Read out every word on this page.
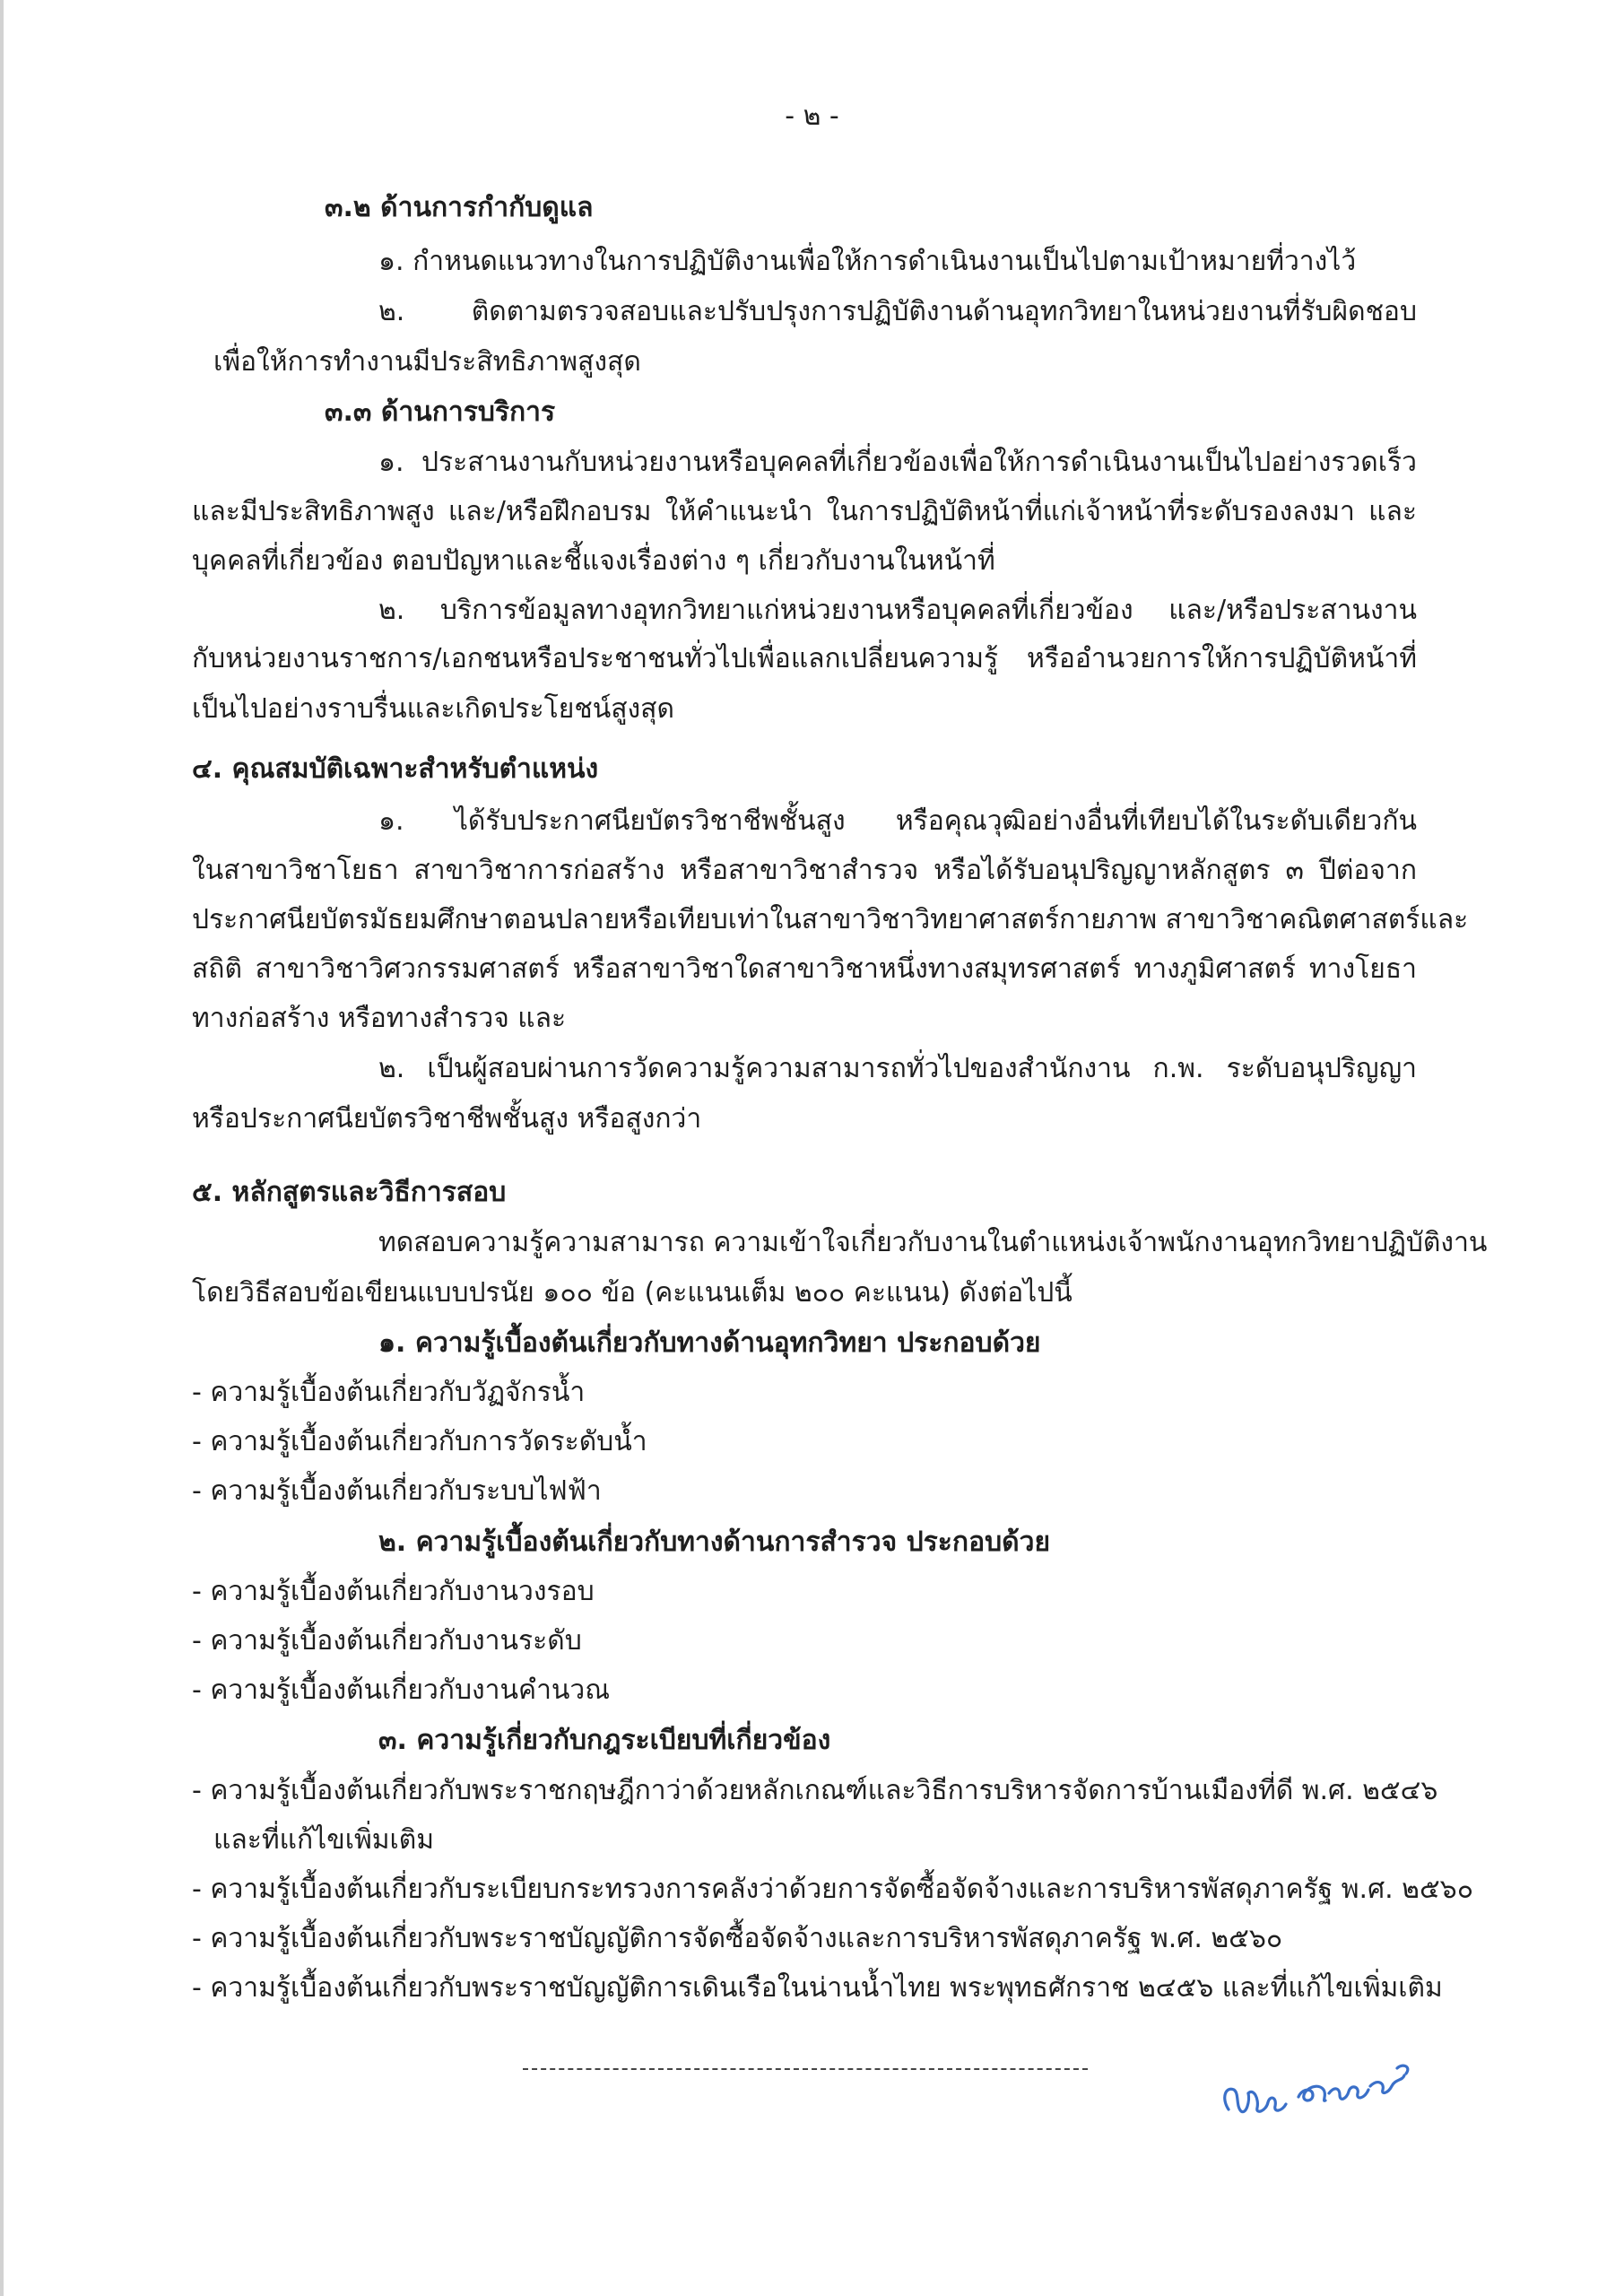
- ๒ -
๓.๒ ด้านการกำกับดูแล
๑. กำหนดแนวทางในการปฏิบัติงานเพื่อให้การดำเนินงานเป็นไปตามเป้าหมายที่วางไว้
๒. ติดตามตรวจสอบและปรับปรุงการปฏิบัติงานด้านอุทกวิทยาในหน่วยงานที่รับผิดชอบ
เพื่อให้การทำงานมีประสิทธิภาพสูงสุด
๓.๓ ด้านการบริการ
๑. ประสานงานกับหน่วยงานหรือบุคคลที่เกี่ยวข้องเพื่อให้การดำเนินงานเป็นไปอย่างรวดเร็ว
และมีประสิทธิภาพสูง และ/หรือฝึกอบรม ให้คำแนะนำ ในการปฏิบัติหน้าที่แก่เจ้าหน้าที่ระดับรองลงมา และ
บุคคลที่เกี่ยวข้อง ตอบปัญหาและชี้แจงเรื่องต่าง ๆ เกี่ยวกับงานในหน้าที่
๒. บริการข้อมูลทางอุทกวิทยาแก่หน่วยงานหรือบุคคลที่เกี่ยวข้อง และ/หรือประสานงาน
กับหน่วยงานราชการ/เอกชนหรือประชาชนทั่วไปเพื่อแลกเปลี่ยนความรู้ หรืออำนวยการให้การปฏิบัติหน้าที่
เป็นไปอย่างราบรื่นและเกิดประโยชน์สูงสุด
๔. คุณสมบัติเฉพาะสำหรับตำแหน่ง
๑. ได้รับประกาศนียบัตรวิชาชีพชั้นสูง หรือคุณวุฒิอย่างอื่นที่เทียบได้ในระดับเดียวกัน
ในสาขาวิชาโยธา สาขาวิชาการก่อสร้าง หรือสาขาวิชาสำรวจ หรือได้รับอนุปริญญาหลักสูตร ๓ ปีต่อจาก
ประกาศนียบัตรมัธยมศึกษาตอนปลายหรือเทียบเท่าในสาขาวิชาวิทยาศาสตร์กายภาพ สาขาวิชาคณิตศาสตร์และ
สถิติ สาขาวิชาวิศวกรรมศาสตร์ หรือสาขาวิชาใดสาขาวิชาหนึ่งทางสมุทรศาสตร์ ทางภูมิศาสตร์ ทางโยธา
ทางก่อสร้าง หรือทางสำรวจ และ
๒. เป็นผู้สอบผ่านการวัดความรู้ความสามารถทั่วไปของสำนักงาน ก.พ. ระดับอนุปริญญา
หรือประกาศนียบัตรวิชาชีพชั้นสูง หรือสูงกว่า
๕. หลักสูตรและวิธีการสอบ
ทดสอบความรู้ความสามารถ ความเข้าใจเกี่ยวกับงานในตำแหน่งเจ้าพนักงานอุทกวิทยาปฏิบัติงาน
โดยวิธีสอบข้อเขียนแบบปรนัย ๑๐๐ ข้อ (คะแนนเต็ม ๒๐๐ คะแนน) ดังต่อไปนี้
๑. ความรู้เบื้องต้นเกี่ยวกับทางด้านอุทกวิทยา ประกอบด้วย
- ความรู้เบื้องต้นเกี่ยวกับวัฏจักรน้ำ
- ความรู้เบื้องต้นเกี่ยวกับการวัดระดับน้ำ
- ความรู้เบื้องต้นเกี่ยวกับระบบไฟฟ้า
๒. ความรู้เบื้องต้นเกี่ยวกับทางด้านการสำรวจ ประกอบด้วย
- ความรู้เบื้องต้นเกี่ยวกับงานวงรอบ
- ความรู้เบื้องต้นเกี่ยวกับงานระดับ
- ความรู้เบื้องต้นเกี่ยวกับงานคำนวณ
๓. ความรู้เกี่ยวกับกฎระเบียบที่เกี่ยวข้อง
- ความรู้เบื้องต้นเกี่ยวกับพระราชกฤษฎีกาว่าด้วยหลักเกณฑ์และวิธีการบริหารจัดการบ้านเมืองที่ดี พ.ศ. ๒๕๔๖
และที่แก้ไขเพิ่มเติม
- ความรู้เบื้องต้นเกี่ยวกับระเบียบกระทรวงการคลังว่าด้วยการจัดซื้อจัดจ้างและการบริหารพัสดุภาครัฐ พ.ศ. ๒๕๖๐
- ความรู้เบื้องต้นเกี่ยวกับพระราชบัญญัติการจัดซื้อจัดจ้างและการบริหารพัสดุภาครัฐ พ.ศ. ๒๕๖๐
- ความรู้เบื้องต้นเกี่ยวกับพระราชบัญญัติการเดินเรือในน่านน้ำไทย พระพุทธศักราช ๒๔๕๖ และที่แก้ไขเพิ่มเติม
